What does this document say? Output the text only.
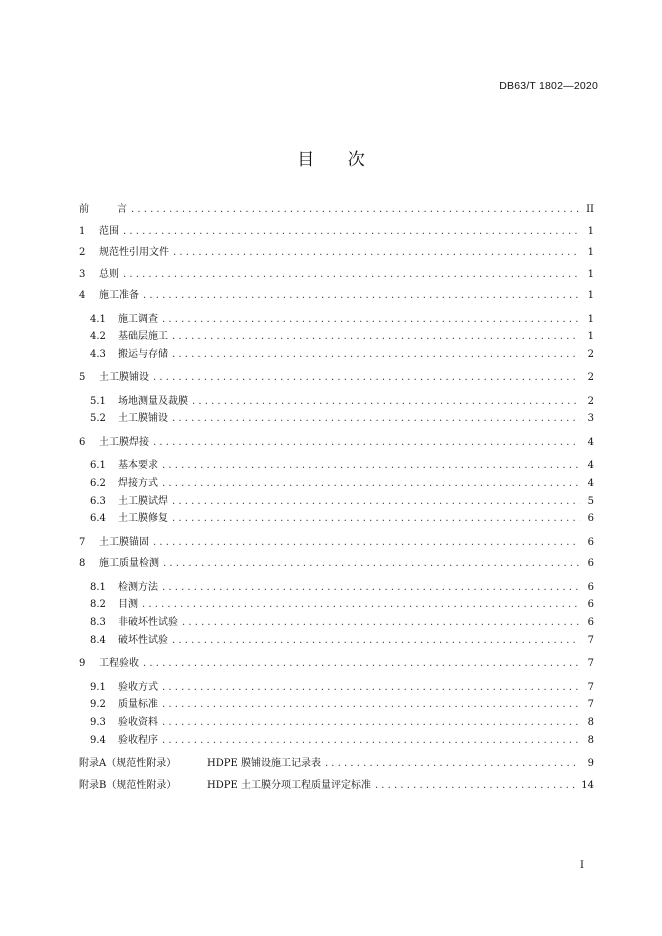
DB63/T 1802—2020
目 次
前	言 . . .	II
1	范围 . . .	1
2	规范性引用文件 . . .	1
3	总则 . . .	1
4	施工准备 . . .	1
4.1	施工调查 . . .	1
4.2	基础层施工 . . .	1
4.3	搬运与存储 . . .	2
5	土工膜铺设 . . .	2
5.1	场地测量及裁膜 . . .	2
5.2	土工膜铺设 . . .	3
6	土工膜焊接 . . .	4
6.1	基本要求 . . .	4
6.2	焊接方式 . . .	4
6.3	土工膜试焊 . . .	5
6.4	土工膜修复 . . .	6
7	土工膜锚固 . . .	6
8	施工质量检测 . . .	6
8.1	检测方法 . . .	6
8.2	目测 . . .	6
8.3	非破坏性试验 . . .	6
8.4	破坏性试验 . . .	7
9	工程验收 . . .	7
9.1	验收方式 . . .	7
9.2	质量标准 . . .	7
9.3	验收资料 . . .	8
9.4	验收程序 . . .	8
附录A（规范性附录）	HDPE 膜铺设施工记录表 . . .	9
附录B（规范性附录）	HDPE 土工膜分项工程质量评定标准 . . .	14
I
